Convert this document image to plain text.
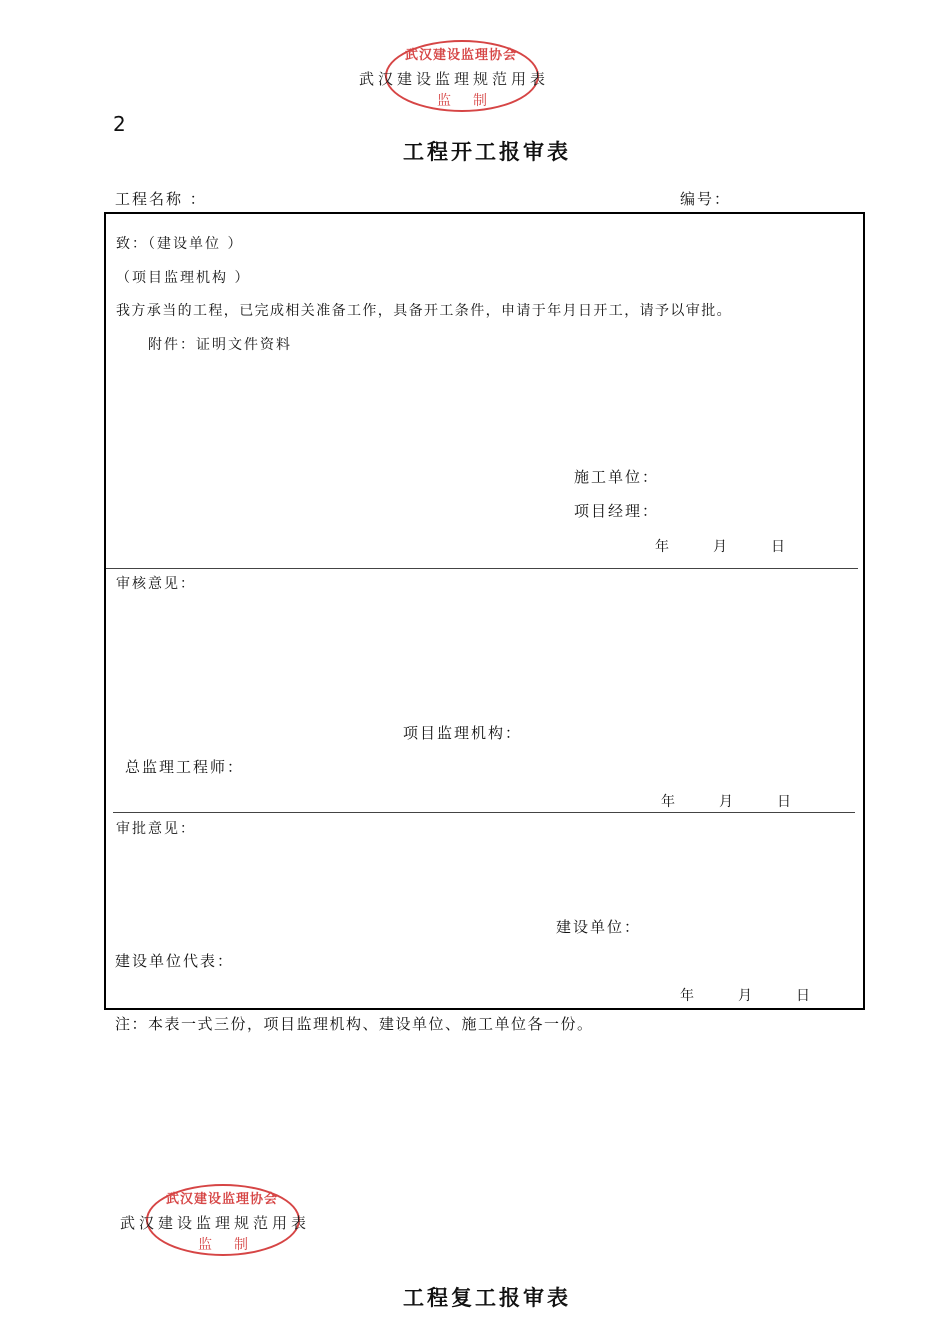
武汉建设监理协会
武汉建设监理规范用表
监制
2
工程开工报审表
工程名称 ：	编号：
致：（建设单位 ）
（项目监理机构 ）
我方承当的工程，已完成相关准备工作，具备开工条件，申请于年月日开工，请予以审批。
附件：证明文件资料
施工单位：
项目经理：
年	月	日
审核意见：
项目监理机构：
总监理工程师：
年	月	日
审批意见：
建设单位：
建设单位代表：
年	月	日
注：本表一式三份，项目监理机构、建设单位、施工单位各一份。
武汉建设监理协会
武汉建设监理规范用表
监制
工程复工报审表
